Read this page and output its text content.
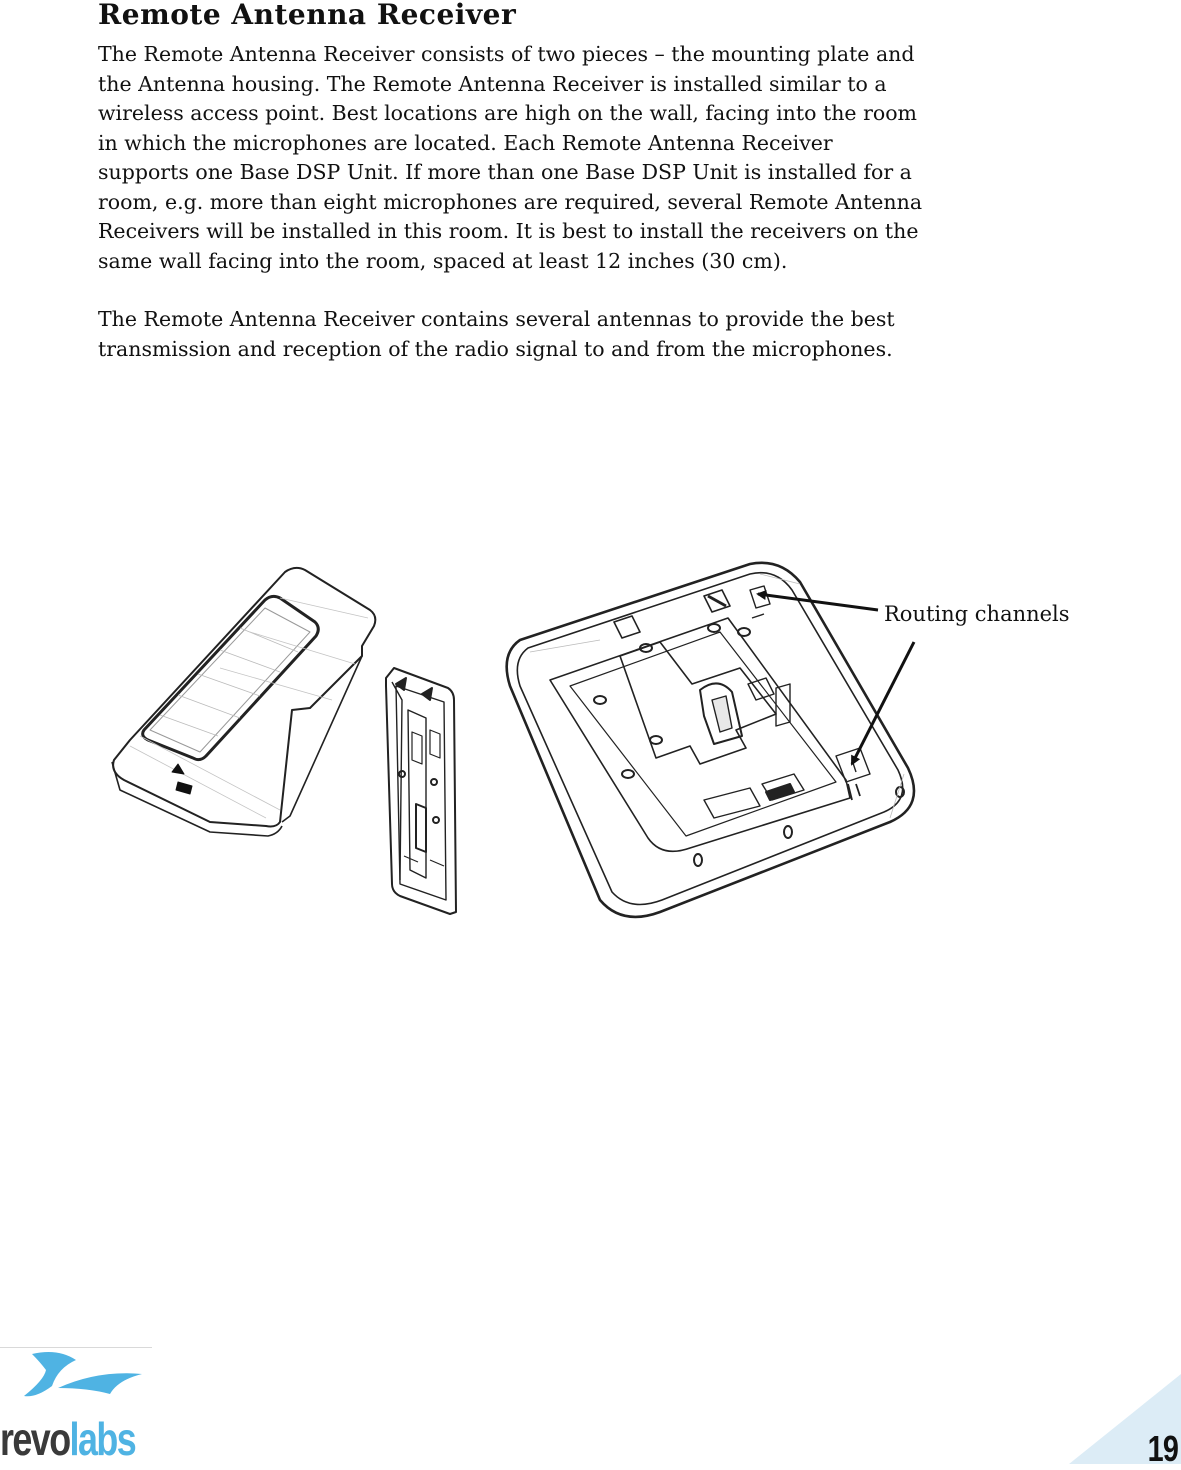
Remote Antenna Receiver

The Remote Antenna Receiver consists of two pieces – the mounting plate and
the Antenna housing. The Remote Antenna Receiver is installed similar to a
wireless access point. Best locations are high on the wall, facing into the room
in which the microphones are located. Each Remote Antenna Receiver
supports one Base DSP Unit. If more than one Base DSP Unit is installed for a
room, e.g. more than eight microphones are required, several Remote Antenna
Receivers will be installed in this room. It is best to install the receivers on the
same wall facing into the room, spaced at least 12 inches (30 cm).

The Remote Antenna Receiver contains several antennas to provide the best
transmission and reception of the radio signal to and from the microphones.

Routing channels
revolabs	19
